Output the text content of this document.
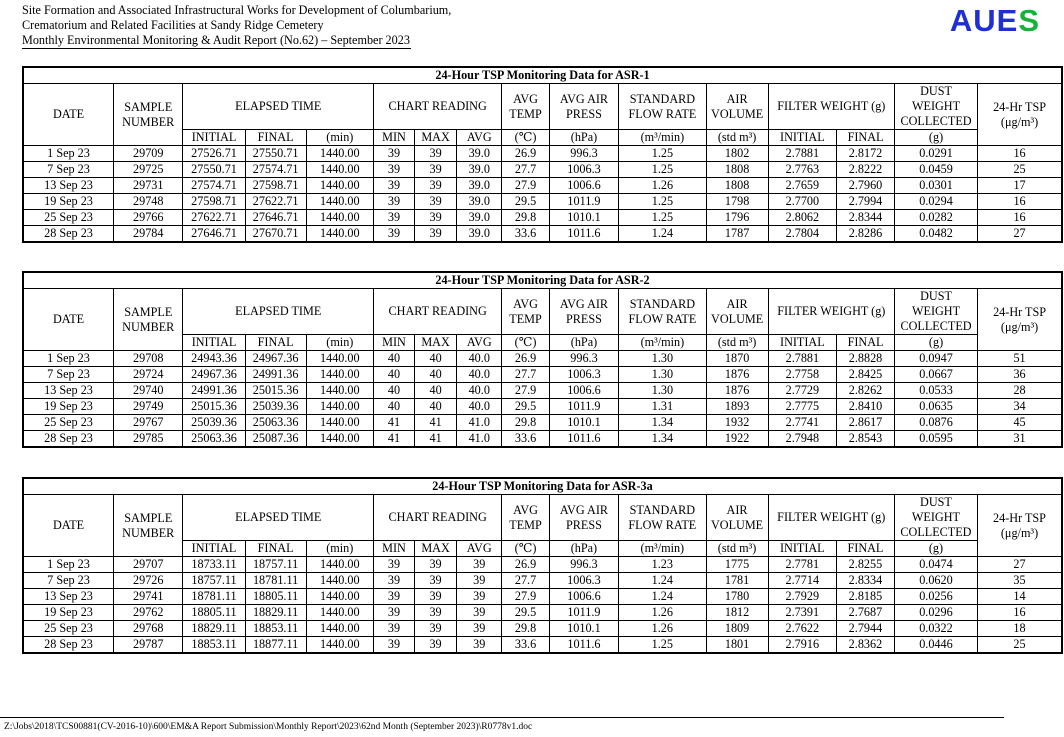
Site Formation and Associated Infrastructural Works for Development of Columbarium,
Crematorium and Related Facilities at Sandy Ridge Cemetery
Monthly Environmental Monitoring & Audit Report (No.62) – September 2023
AUES
24-Hour TSP Monitoring Data for ASR-1															
DATE	SAMPLE NUMBER	ELAPSED TIME			CHART READING			AVG TEMP	AVG AIR PRESS	STANDARD FLOW RATE	AIR VOLUME	FILTER WEIGHT (g)		DUST WEIGHT COLLECTED	24-Hr TSP (μg/m³)
		INITIAL	FINAL	(min)	MIN	MAX	AVG	(℃)	(hPa)	(m³/min)	(std m³)	INITIAL	FINAL	(g)	
1 Sep 23	29709	27526.71	27550.71	1440.00	39	39	39.0	26.9	996.3	1.25	1802	2.7881	2.8172	0.0291	16
7 Sep 23	29725	27550.71	27574.71	1440.00	39	39	39.0	27.7	1006.3	1.25	1808	2.7763	2.8222	0.0459	25
13 Sep 23	29731	27574.71	27598.71	1440.00	39	39	39.0	27.9	1006.6	1.26	1808	2.7659	2.7960	0.0301	17
19 Sep 23	29748	27598.71	27622.71	1440.00	39	39	39.0	29.5	1011.9	1.25	1798	2.7700	2.7994	0.0294	16
25 Sep 23	29766	27622.71	27646.71	1440.00	39	39	39.0	29.8	1010.1	1.25	1796	2.8062	2.8344	0.0282	16
28 Sep 23	29784	27646.71	27670.71	1440.00	39	39	39.0	33.6	1011.6	1.24	1787	2.7804	2.8286	0.0482	27
24-Hour TSP Monitoring Data for ASR-2															
DATE	SAMPLE NUMBER	ELAPSED TIME			CHART READING			AVG TEMP	AVG AIR PRESS	STANDARD FLOW RATE	AIR VOLUME	FILTER WEIGHT (g)		DUST WEIGHT COLLECTED	24-Hr TSP (μg/m³)
		INITIAL	FINAL	(min)	MIN	MAX	AVG	(℃)	(hPa)	(m³/min)	(std m³)	INITIAL	FINAL	(g)	
1 Sep 23	29708	24943.36	24967.36	1440.00	40	40	40.0	26.9	996.3	1.30	1870	2.7881	2.8828	0.0947	51
7 Sep 23	29724	24967.36	24991.36	1440.00	40	40	40.0	27.7	1006.3	1.30	1876	2.7758	2.8425	0.0667	36
13 Sep 23	29740	24991.36	25015.36	1440.00	40	40	40.0	27.9	1006.6	1.30	1876	2.7729	2.8262	0.0533	28
19 Sep 23	29749	25015.36	25039.36	1440.00	40	40	40.0	29.5	1011.9	1.31	1893	2.7775	2.8410	0.0635	34
25 Sep 23	29767	25039.36	25063.36	1440.00	41	41	41.0	29.8	1010.1	1.34	1932	2.7741	2.8617	0.0876	45
28 Sep 23	29785	25063.36	25087.36	1440.00	41	41	41.0	33.6	1011.6	1.34	1922	2.7948	2.8543	0.0595	31
24-Hour TSP Monitoring Data for ASR-3a															
DATE	SAMPLE NUMBER	ELAPSED TIME			CHART READING			AVG TEMP	AVG AIR PRESS	STANDARD FLOW RATE	AIR VOLUME	FILTER WEIGHT (g)		DUST WEIGHT COLLECTED	24-Hr TSP (μg/m³)
		INITIAL	FINAL	(min)	MIN	MAX	AVG	(℃)	(hPa)	(m³/min)	(std m³)	INITIAL	FINAL	(g)	
1 Sep 23	29707	18733.11	18757.11	1440.00	39	39	39	26.9	996.3	1.23	1775	2.7781	2.8255	0.0474	27
7 Sep 23	29726	18757.11	18781.11	1440.00	39	39	39	27.7	1006.3	1.24	1781	2.7714	2.8334	0.0620	35
13 Sep 23	29741	18781.11	18805.11	1440.00	39	39	39	27.9	1006.6	1.24	1780	2.7929	2.8185	0.0256	14
19 Sep 23	29762	18805.11	18829.11	1440.00	39	39	39	29.5	1011.9	1.26	1812	2.7391	2.7687	0.0296	16
25 Sep 23	29768	18829.11	18853.11	1440.00	39	39	39	29.8	1010.1	1.26	1809	2.7622	2.7944	0.0322	18
28 Sep 23	29787	18853.11	18877.11	1440.00	39	39	39	33.6	1011.6	1.25	1801	2.7916	2.8362	0.0446	25
Z:\Jobs\2018\TCS00881(CV-2016-10)\600\EM&A Report Submission\Monthly Report\2023\62nd Month (September 2023)\R0778v1.doc
